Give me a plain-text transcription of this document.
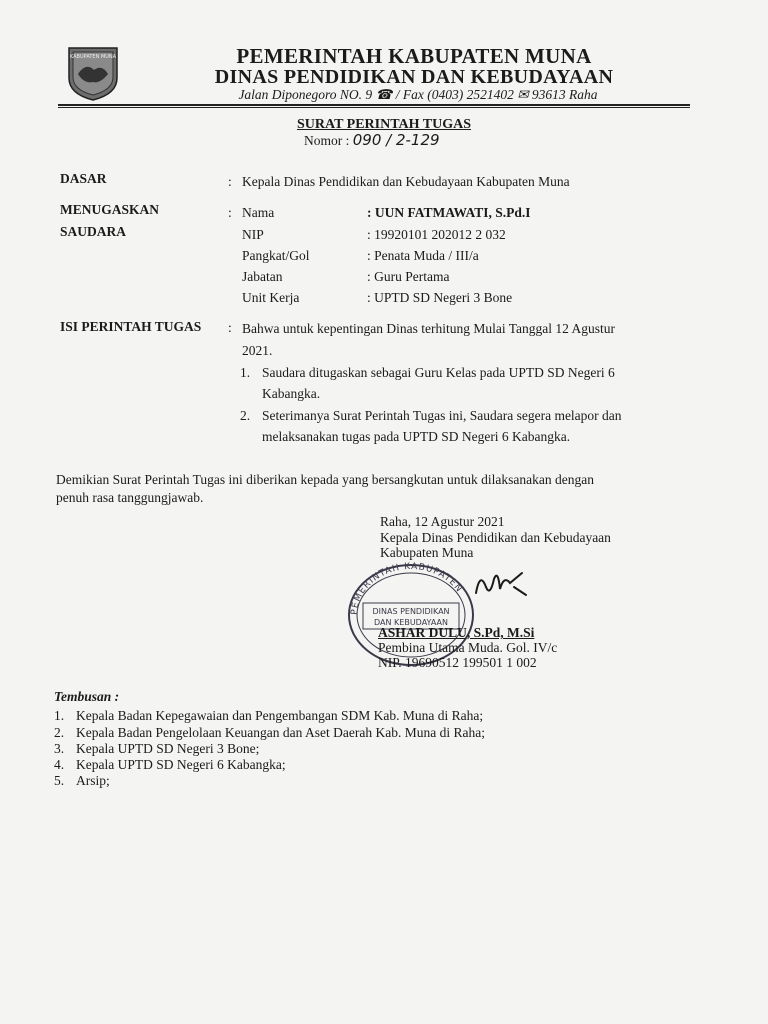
KABUPATEN MUNA	PEMERINTAH KABUPATEN MUNA
DINAS PENDIDIKAN DAN KEBUDAYAAN
Jalan Diponegoro NO. 9 ☎ / Fax (0403) 2521402 ✉ 93613 Raha
SURAT PERINTAH TUGAS
Nomor : 090 / 2-129
DASAR	: Kepala Dinas Pendidikan dan Kebudayaan Kabupaten Muna
MENUGASKAN
SAUDARA
: Nama	: UUN FATMAWATI, S.Pd.I
NIP	: 19920101 202012 2 032
Pangkat/Gol	: Penata Muda / III/a
Jabatan	: Guru Pertama
Unit Kerja	: UPTD SD Negeri 3 Bone
ISI PERINTAH TUGAS : Bahwa untuk kepentingan Dinas terhitung Mulai Tanggal 12 Agustur
2021.
1. Saudara ditugaskan sebagai Guru Kelas pada UPTD SD Negeri 6
Kabangka.
2. Seterimanya Surat Perintah Tugas ini, Saudara segera melapor dan
melaksanakan tugas pada UPTD SD Negeri 6 Kabangka.
Demikian Surat Perintah Tugas ini diberikan kepada yang bersangkutan untuk dilaksanakan dengan
penuh rasa tanggungjawab.
Raha, 12 Agustur 2021
Kepala Dinas Pendidikan dan Kebudayaan
Kabupaten Muna
PEMERINTAH KABUPATEN
DINAS PENDIDIKAN
DAN KEBUDAYAAN
ASHAR DULU, S.Pd, M.Si
Pembina Utama Muda. Gol. IV/c
NIP. 19690512 199501 1 002
Tembusan :
1. Kepala Badan Kepegawaian dan Pengembangan SDM Kab. Muna di Raha;
2. Kepala Badan Pengelolaan Keuangan dan Aset Daerah Kab. Muna di Raha;
3. Kepala UPTD SD Negeri 3 Bone;
4. Kepala UPTD SD Negeri 6 Kabangka;
5. Arsip;
